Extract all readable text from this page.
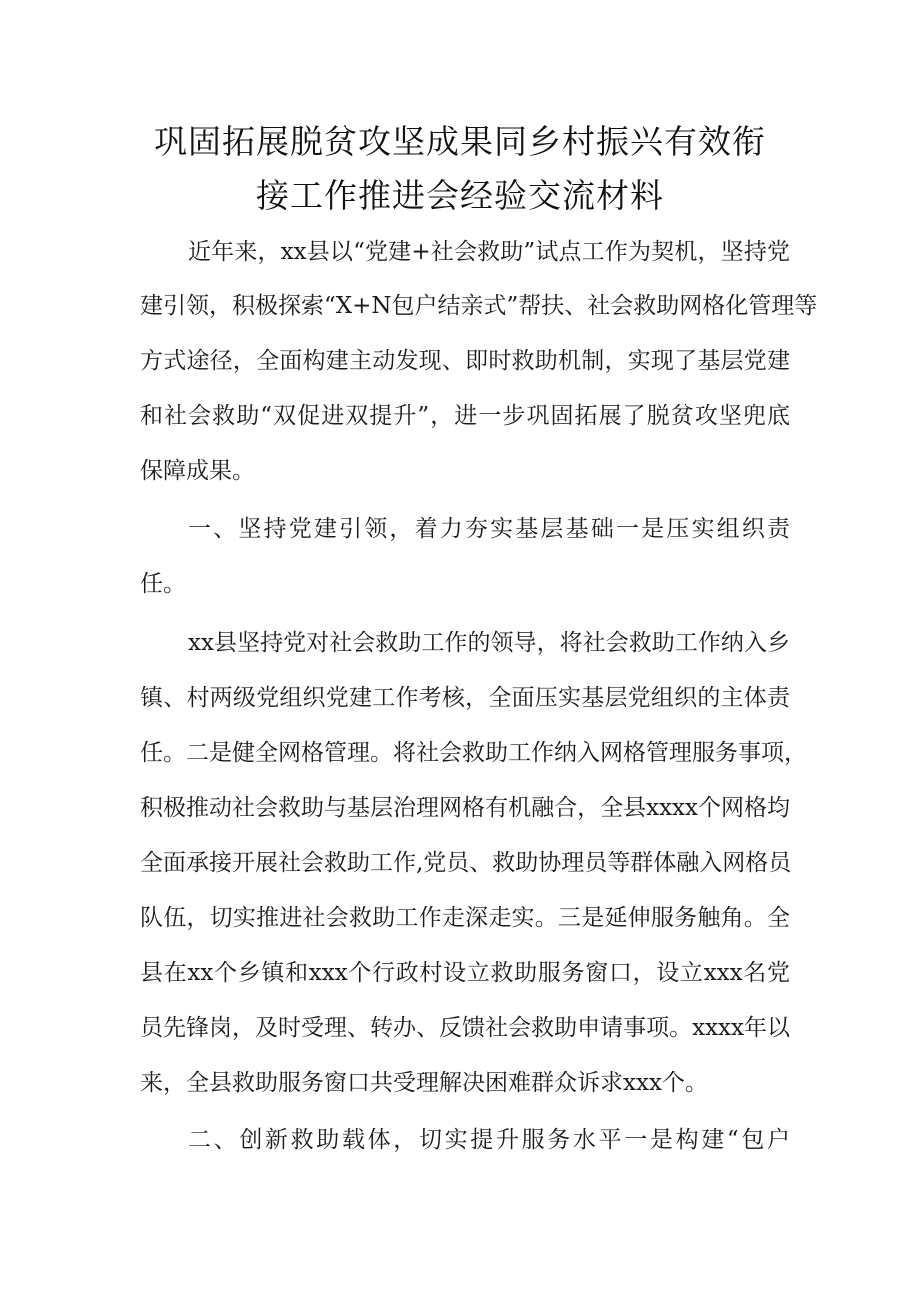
巩固拓展脱贫攻坚成果同乡村振兴有效衔
接工作推进会经验交流材料
近年来，xx县以“党建+社会救助”试点工作为契机，坚持党
建引领，积极探索“X+N包户结亲式”帮扶、社会救助网格化管理等
方式途径，全面构建主动发现、即时救助机制，实现了基层党建
和社会救助“双促进双提升”，进一步巩固拓展了脱贫攻坚兜底
保障成果。
一、坚持党建引领，着力夯实基层基础一是压实组织责
任。
xx县坚持党对社会救助工作的领导，将社会救助工作纳入乡
镇、村两级党组织党建工作考核，全面压实基层党组织的主体责
任。二是健全网格管理。将社会救助工作纳入网格管理服务事项，
积极推动社会救助与基层治理网格有机融合，全县xxxx个网格均
全面承接开展社会救助工作,党员、救助协理员等群体融入网格员
队伍，切实推进社会救助工作走深走实。三是延伸服务触角。全
县在xx个乡镇和xxx个行政村设立救助服务窗口，设立xxx名党
员先锋岗，及时受理、转办、反馈社会救助申请事项。xxxx年以
来，全县救助服务窗口共受理解决困难群众诉求xxx个。
二、创新救助载体，切实提升服务水平一是构建“包户
